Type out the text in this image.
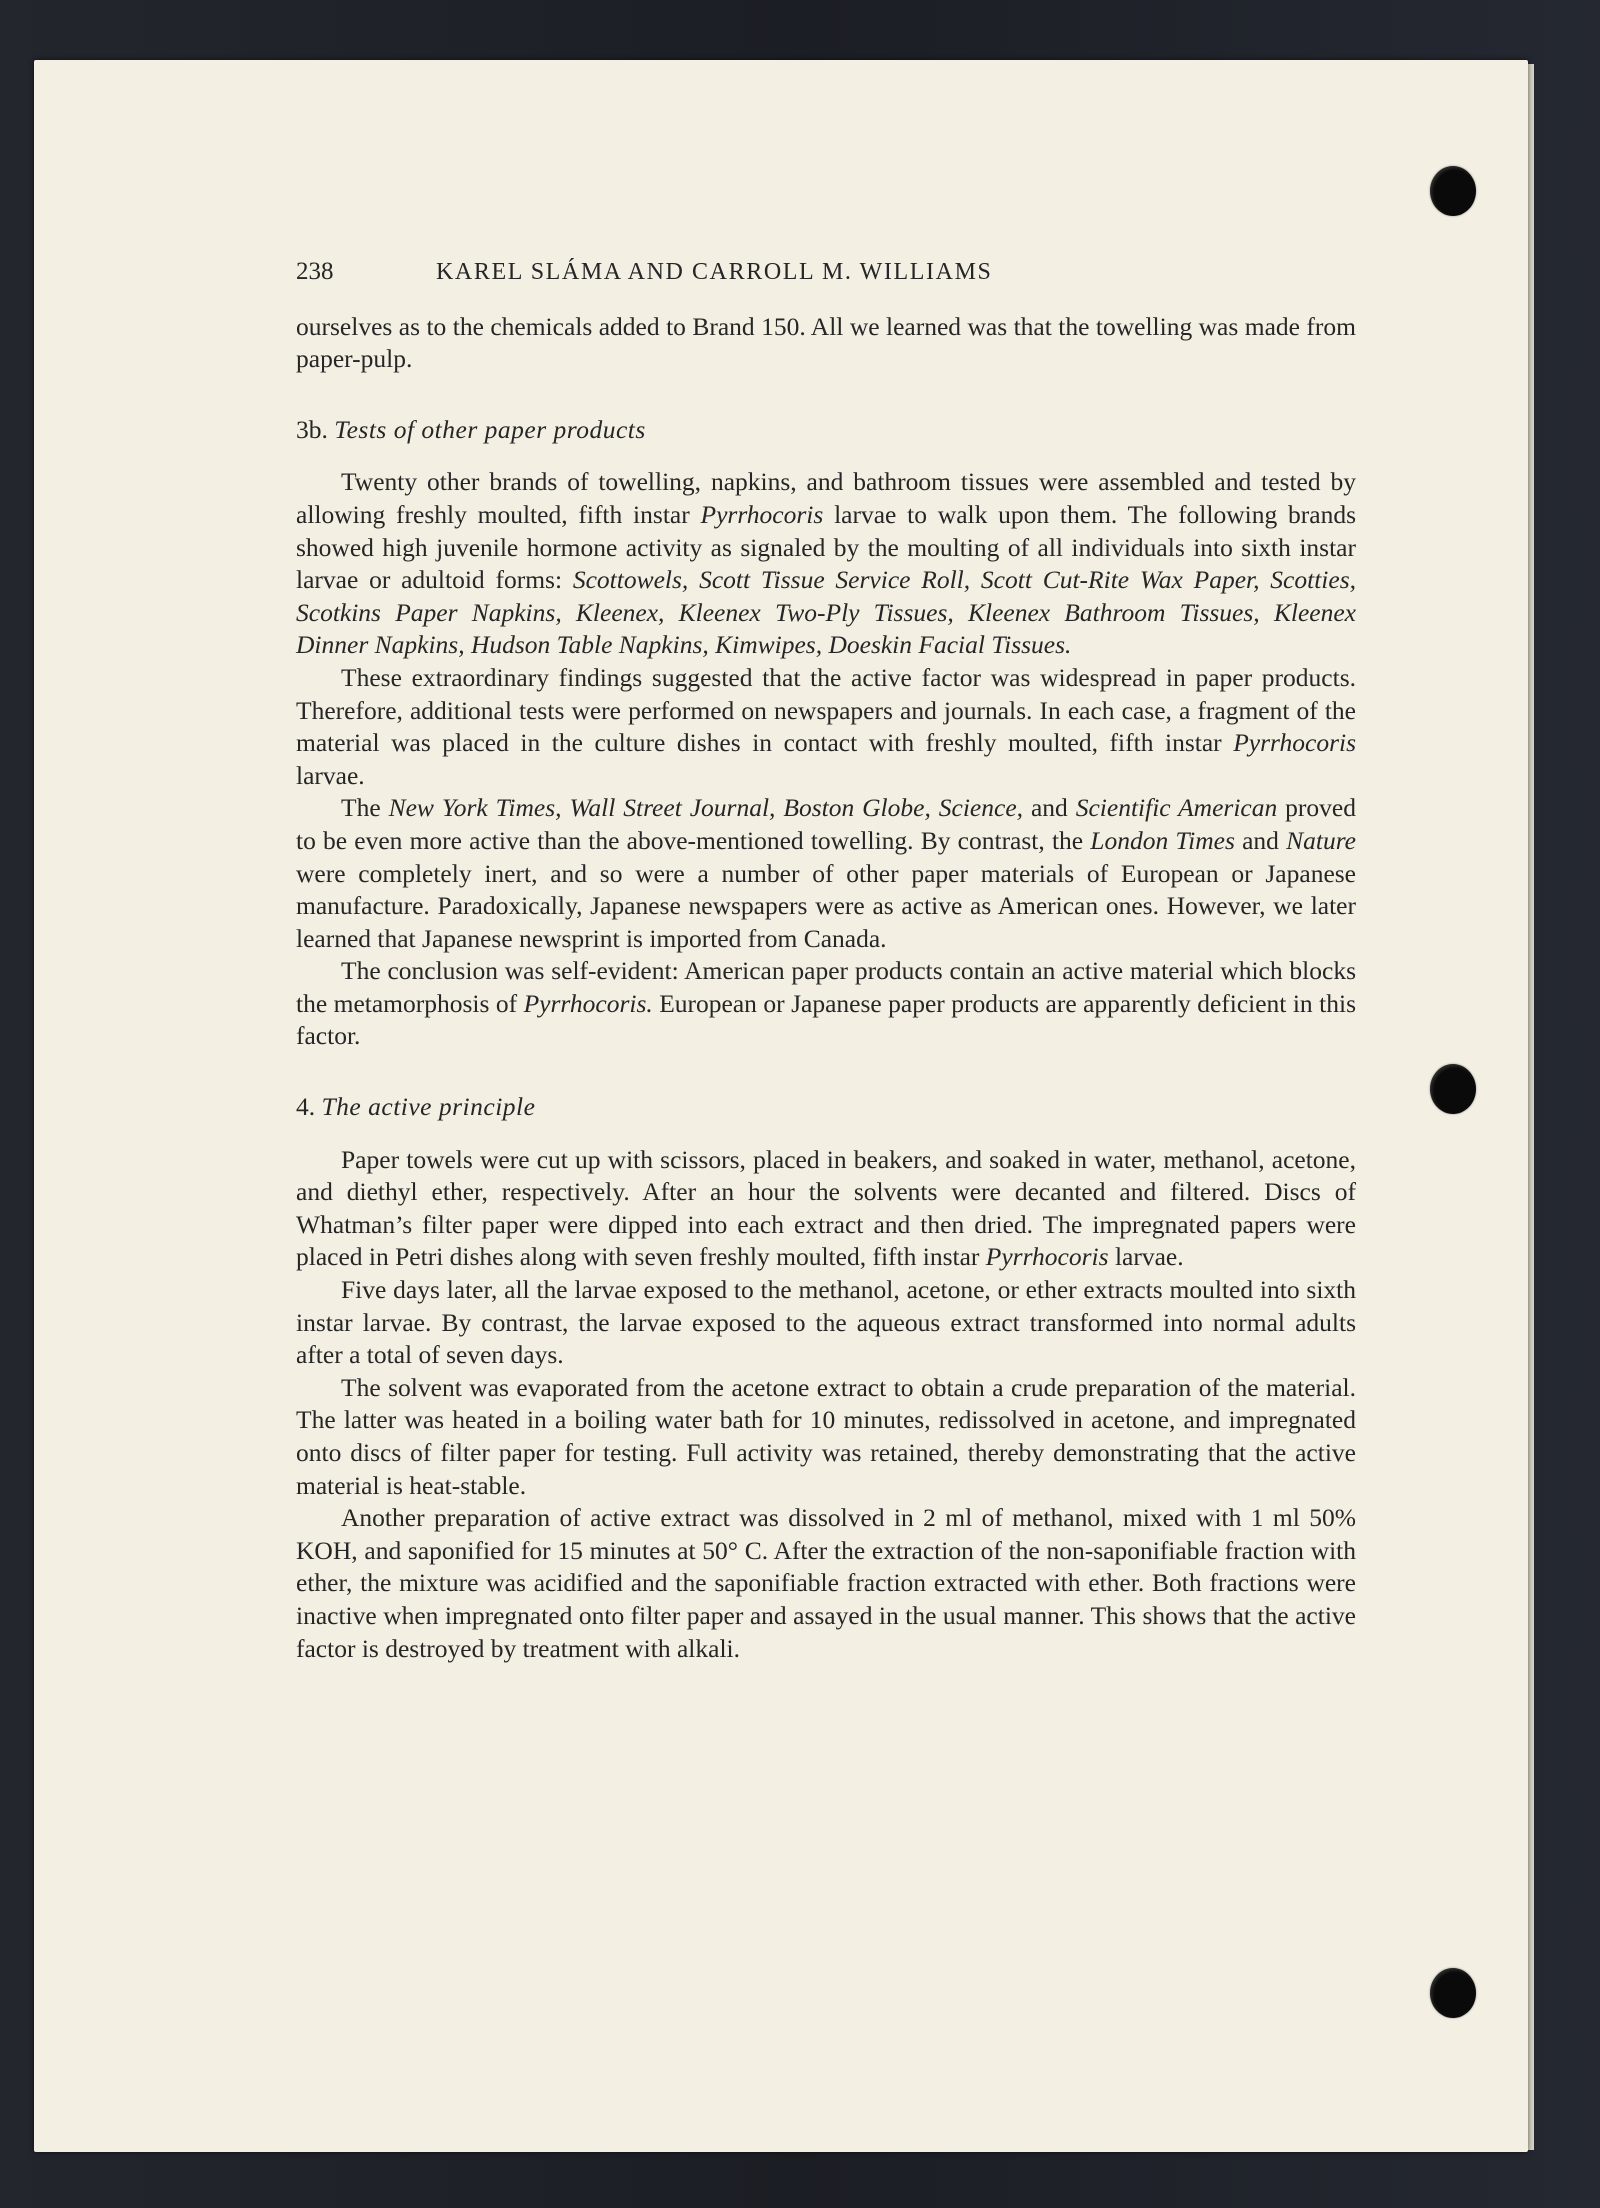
238	KAREL SLÁMA AND CARROLL M. WILLIAMS

ourselves as to the chemicals added to Brand 150. All we learned was that the towelling was made from paper-pulp.

3b. Tests of other paper products

Twenty other brands of towelling, napkins, and bathroom tissues were assembled and tested by allowing freshly moulted, fifth instar Pyrrhocoris larvae to walk upon them. The following brands showed high juvenile hormone activity as signaled by the moulting of all individuals into sixth instar larvae or adultoid forms: Scottowels, Scott Tissue Service Roll, Scott Cut-Rite Wax Paper, Scotties, Scotkins Paper Napkins, Kleenex, Kleenex Two-Ply Tissues, Kleenex Bathroom Tissues, Kleenex Dinner Napkins, Hudson Table Napkins, Kimwipes, Doeskin Facial Tissues.

These extraordinary findings suggested that the active factor was widespread in paper products. Therefore, additional tests were performed on newspapers and journals. In each case, a fragment of the material was placed in the culture dishes in contact with freshly moulted, fifth instar Pyrrhocoris larvae.

The New York Times, Wall Street Journal, Boston Globe, Science, and Scientific American proved to be even more active than the above-mentioned towelling. By contrast, the London Times and Nature were completely inert, and so were a number of other paper materials of European or Japanese manufacture. Paradoxically, Japanese newspapers were as active as American ones. However, we later learned that Japanese newsprint is imported from Canada.

The conclusion was self-evident: American paper products contain an active material which blocks the metamorphosis of Pyrrhocoris. European or Japanese paper products are apparently deficient in this factor.

4. The active principle

Paper towels were cut up with scissors, placed in beakers, and soaked in water, methanol, acetone, and diethyl ether, respectively. After an hour the solvents were decanted and filtered. Discs of Whatman’s filter paper were dipped into each extract and then dried. The impregnated papers were placed in Petri dishes along with seven freshly moulted, fifth instar Pyrrhocoris larvae.

Five days later, all the larvae exposed to the methanol, acetone, or ether extracts moulted into sixth instar larvae. By contrast, the larvae exposed to the aqueous extract transformed into normal adults after a total of seven days.

The solvent was evaporated from the acetone extract to obtain a crude preparation of the material. The latter was heated in a boiling water bath for 10 minutes, redissolved in acetone, and impregnated onto discs of filter paper for testing. Full activity was retained, thereby demonstrating that the active material is heat-stable.

Another preparation of active extract was dissolved in 2 ml of methanol, mixed with 1 ml 50% KOH, and saponified for 15 minutes at 50° C. After the extraction of the non-saponifiable fraction with ether, the mixture was acidified and the saponifiable fraction extracted with ether. Both fractions were inactive when impregnated onto filter paper and assayed in the usual manner. This shows that the active factor is destroyed by treatment with alkali.
